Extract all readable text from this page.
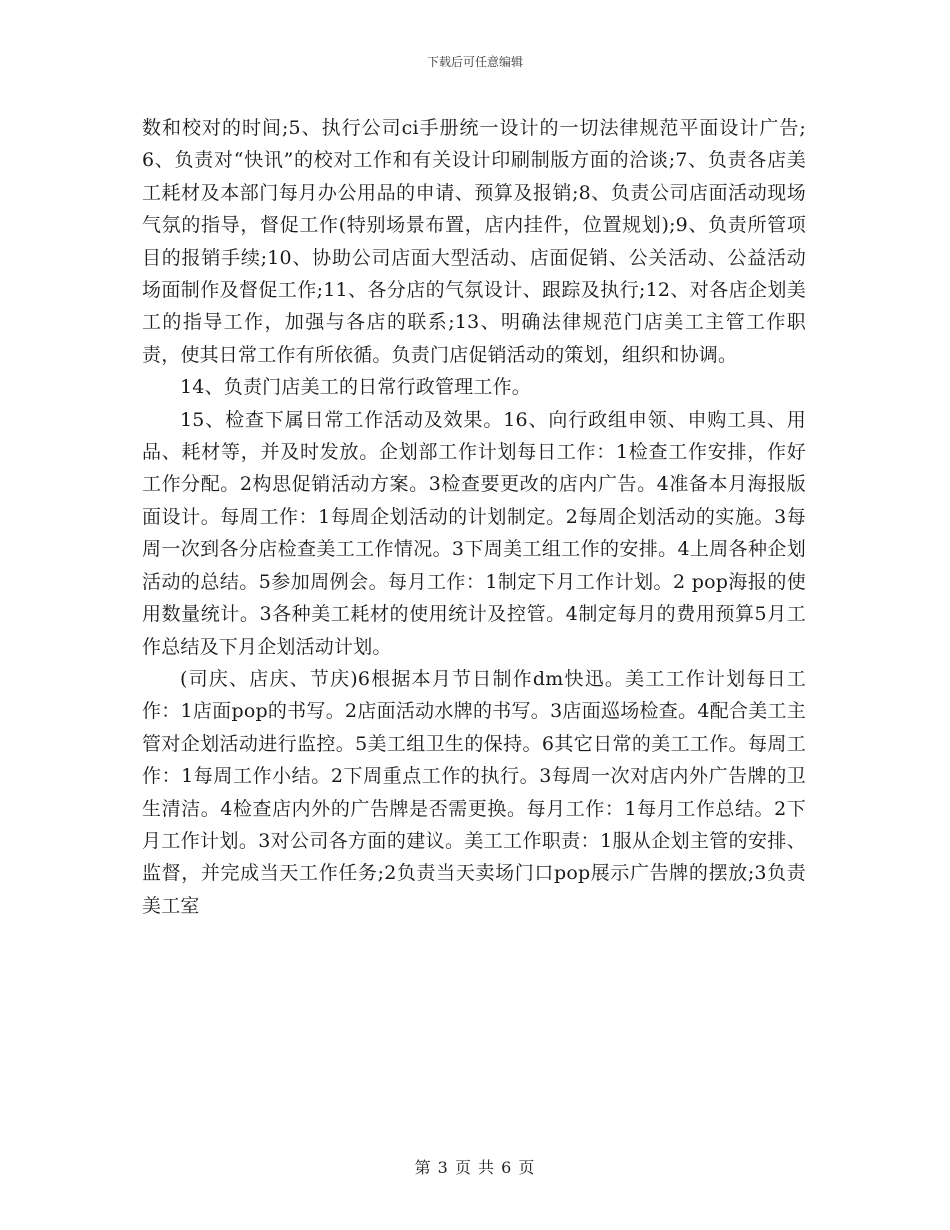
下载后可任意编辑

数和校对的时间;5、执行公司ci手册统一设计的一切法律规范平面设计广告;6、负责对“快讯”的校对工作和有关设计印刷制版方面的洽谈;7、负责各店美工耗材及本部门每月办公用品的申请、预算及报销;8、负责公司店面活动现场气氛的指导，督促工作(特别场景布置，店内挂件，位置规划);9、负责所管项目的报销手续;10、协助公司店面大型活动、店面促销、公关活动、公益活动场面制作及督促工作;11、各分店的气氛设计、跟踪及执行;12、对各店企划美工的指导工作，加强与各店的联系;13、明确法律规范门店美工主管工作职责，使其日常工作有所依循。负责门店促销活动的策划，组织和协调。

14、负责门店美工的日常行政管理工作。

15、检查下属日常工作活动及效果。16、向行政组申领、申购工具、用品、耗材等，并及时发放。企划部工作计划每日工作：1检查工作安排，作好工作分配。2构思促销活动方案。3检查要更改的店内广告。4准备本月海报版面设计。每周工作：1每周企划活动的计划制定。2每周企划活动的实施。3每周一次到各分店检查美工工作情况。3下周美工组工作的安排。4上周各种企划活动的总结。5参加周例会。每月工作：1制定下月工作计划。2 pop海报的使用数量统计。3各种美工耗材的使用统计及控管。4制定每月的费用预算5月工作总结及下月企划活动计划。

(司庆、店庆、节庆)6根据本月节日制作dm快迅。美工工作计划每日工作：1店面pop的书写。2店面活动水牌的书写。3店面巡场检查。4配合美工主管对企划活动进行监控。5美工组卫生的保持。6其它日常的美工工作。每周工作：1每周工作小结。2下周重点工作的执行。3每周一次对店内外广告牌的卫生清洁。4检查店内外的广告牌是否需更换。每月工作：1每月工作总结。2下月工作计划。3对公司各方面的建议。美工工作职责：1服从企划主管的安排、监督，并完成当天工作任务;2负责当天卖场门口pop展示广告牌的摆放;3负责美工室

第 3 页 共 6 页
